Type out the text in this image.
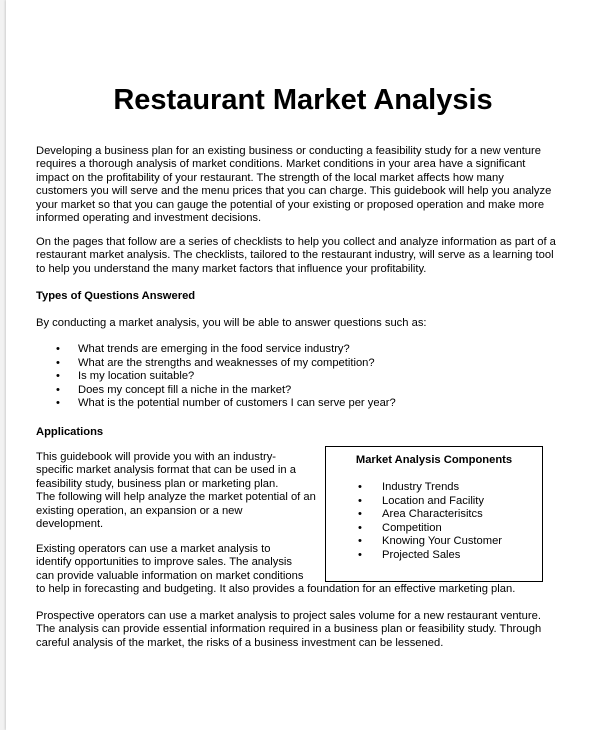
Restaurant Market Analysis
Developing a business plan for an existing business or conducting a feasibility study for a new venture
requires a thorough analysis of market conditions. Market conditions in your area have a significant
impact on the profitability of your restaurant. The strength of the local market affects how many
customers you will serve and the menu prices that you can charge. This guidebook will help you analyze
your market so that you can gauge the potential of your existing or proposed operation and make more
informed operating and investment decisions.
On the pages that follow are a series of checklists to help you collect and analyze information as part of a
restaurant market analysis. The checklists, tailored to the restaurant industry, will serve as a learning tool
to help you understand the many market factors that influence your profitability.
Types of Questions Answered
By conducting a market analysis, you will be able to answer questions such as:
• What trends are emerging in the food service industry?
• What are the strengths and weaknesses of my competition?
• Is my location suitable?
• Does my concept fill a niche in the market?
• What is the potential number of customers I can serve per year?
Applications
This guidebook will provide you with an industry-
specific market analysis format that can be used in a
feasibility study, business plan or marketing plan.
The following will help analyze the market potential of an
existing operation, an expansion or a new
development.
Existing operators can use a market analysis to
identify opportunities to improve sales. The analysis
can provide valuable information on market conditions
to help in forecasting and budgeting. It also provides a foundation for an effective marketing plan.
Prospective operators can use a market analysis to project sales volume for a new restaurant venture.
The analysis can provide essential information required in a business plan or feasibility study. Through
careful analysis of the market, the risks of a business investment can be lessened.
Market Analysis Components
• Industry Trends
• Location and Facility
• Area Characterisitcs
• Competition
• Knowing Your Customer
• Projected Sales
